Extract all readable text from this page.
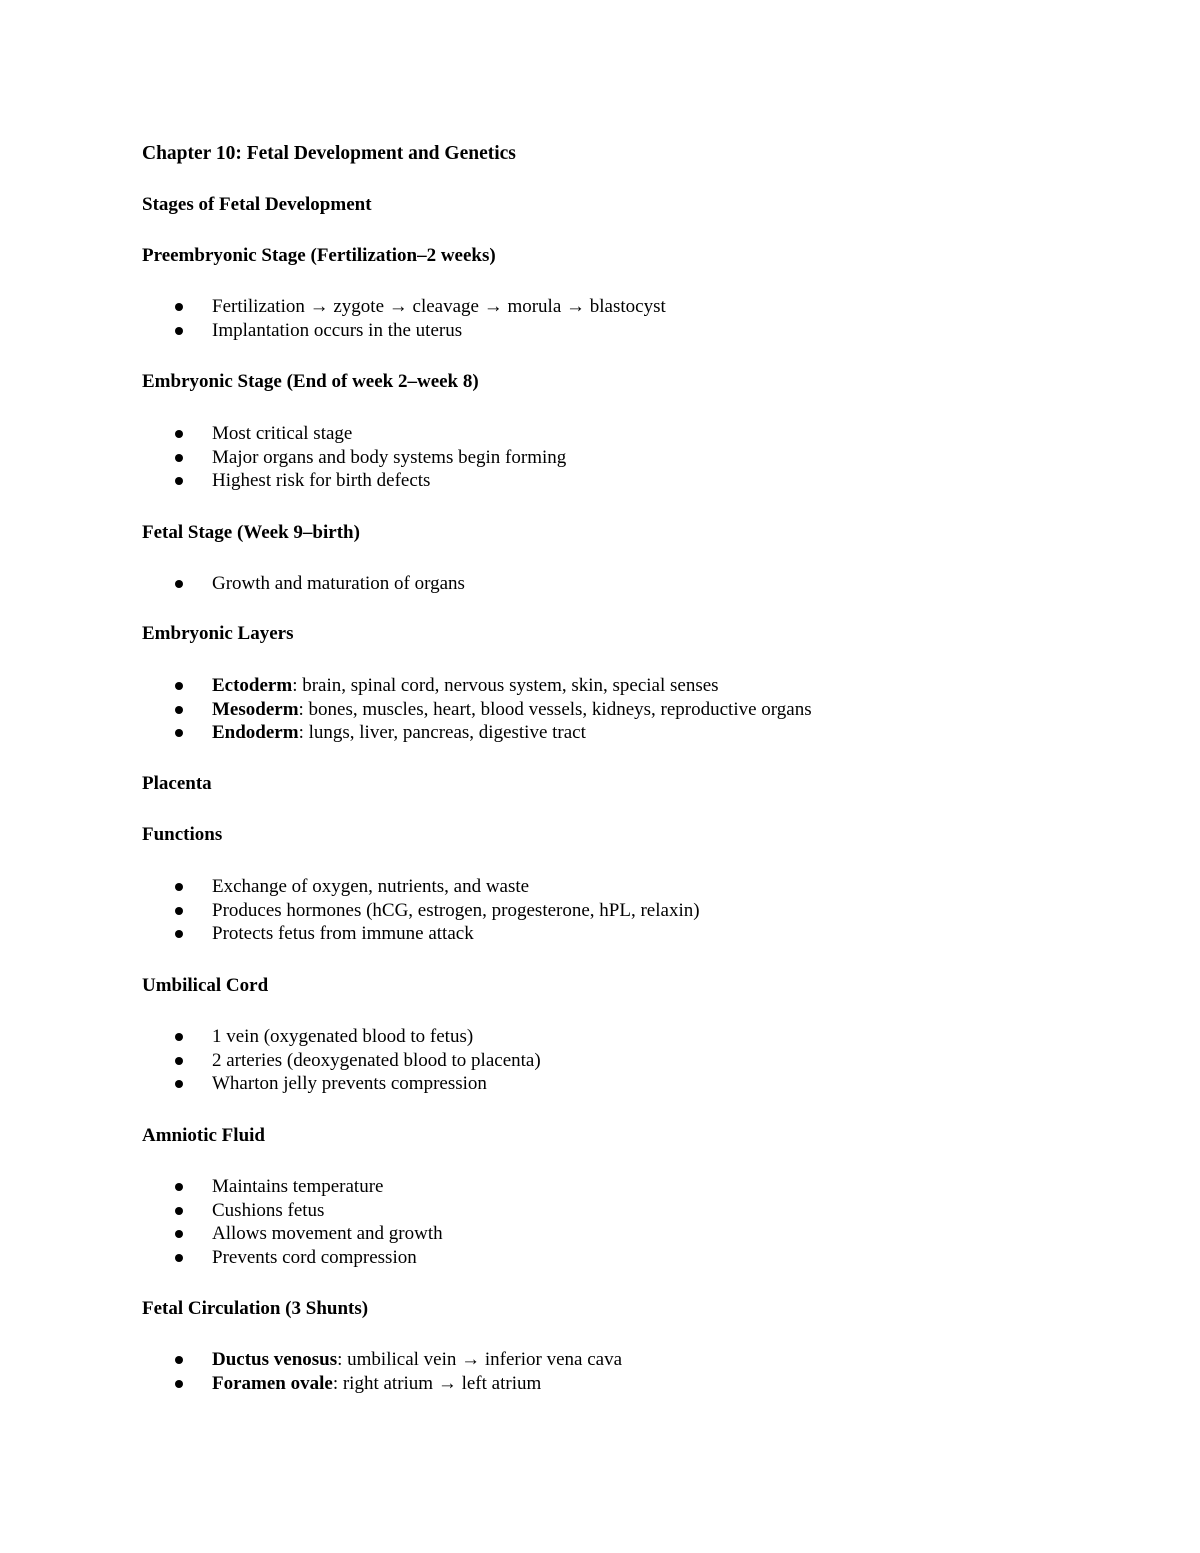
Chapter 10: Fetal Development and Genetics
Stages of Fetal Development
Preembryonic Stage (Fertilization–2 weeks)
Fertilization → zygote → cleavage → morula → blastocyst
Implantation occurs in the uterus
Embryonic Stage (End of week 2–week 8)
Most critical stage
Major organs and body systems begin forming
Highest risk for birth defects
Fetal Stage (Week 9–birth)
Growth and maturation of organs
Embryonic Layers
Ectoderm: brain, spinal cord, nervous system, skin, special senses
Mesoderm: bones, muscles, heart, blood vessels, kidneys, reproductive organs
Endoderm: lungs, liver, pancreas, digestive tract
Placenta
Functions
Exchange of oxygen, nutrients, and waste
Produces hormones (hCG, estrogen, progesterone, hPL, relaxin)
Protects fetus from immune attack
Umbilical Cord
1 vein (oxygenated blood to fetus)
2 arteries (deoxygenated blood to placenta)
Wharton jelly prevents compression
Amniotic Fluid
Maintains temperature
Cushions fetus
Allows movement and growth
Prevents cord compression
Fetal Circulation (3 Shunts)
Ductus venosus: umbilical vein → inferior vena cava
Foramen ovale: right atrium → left atrium
